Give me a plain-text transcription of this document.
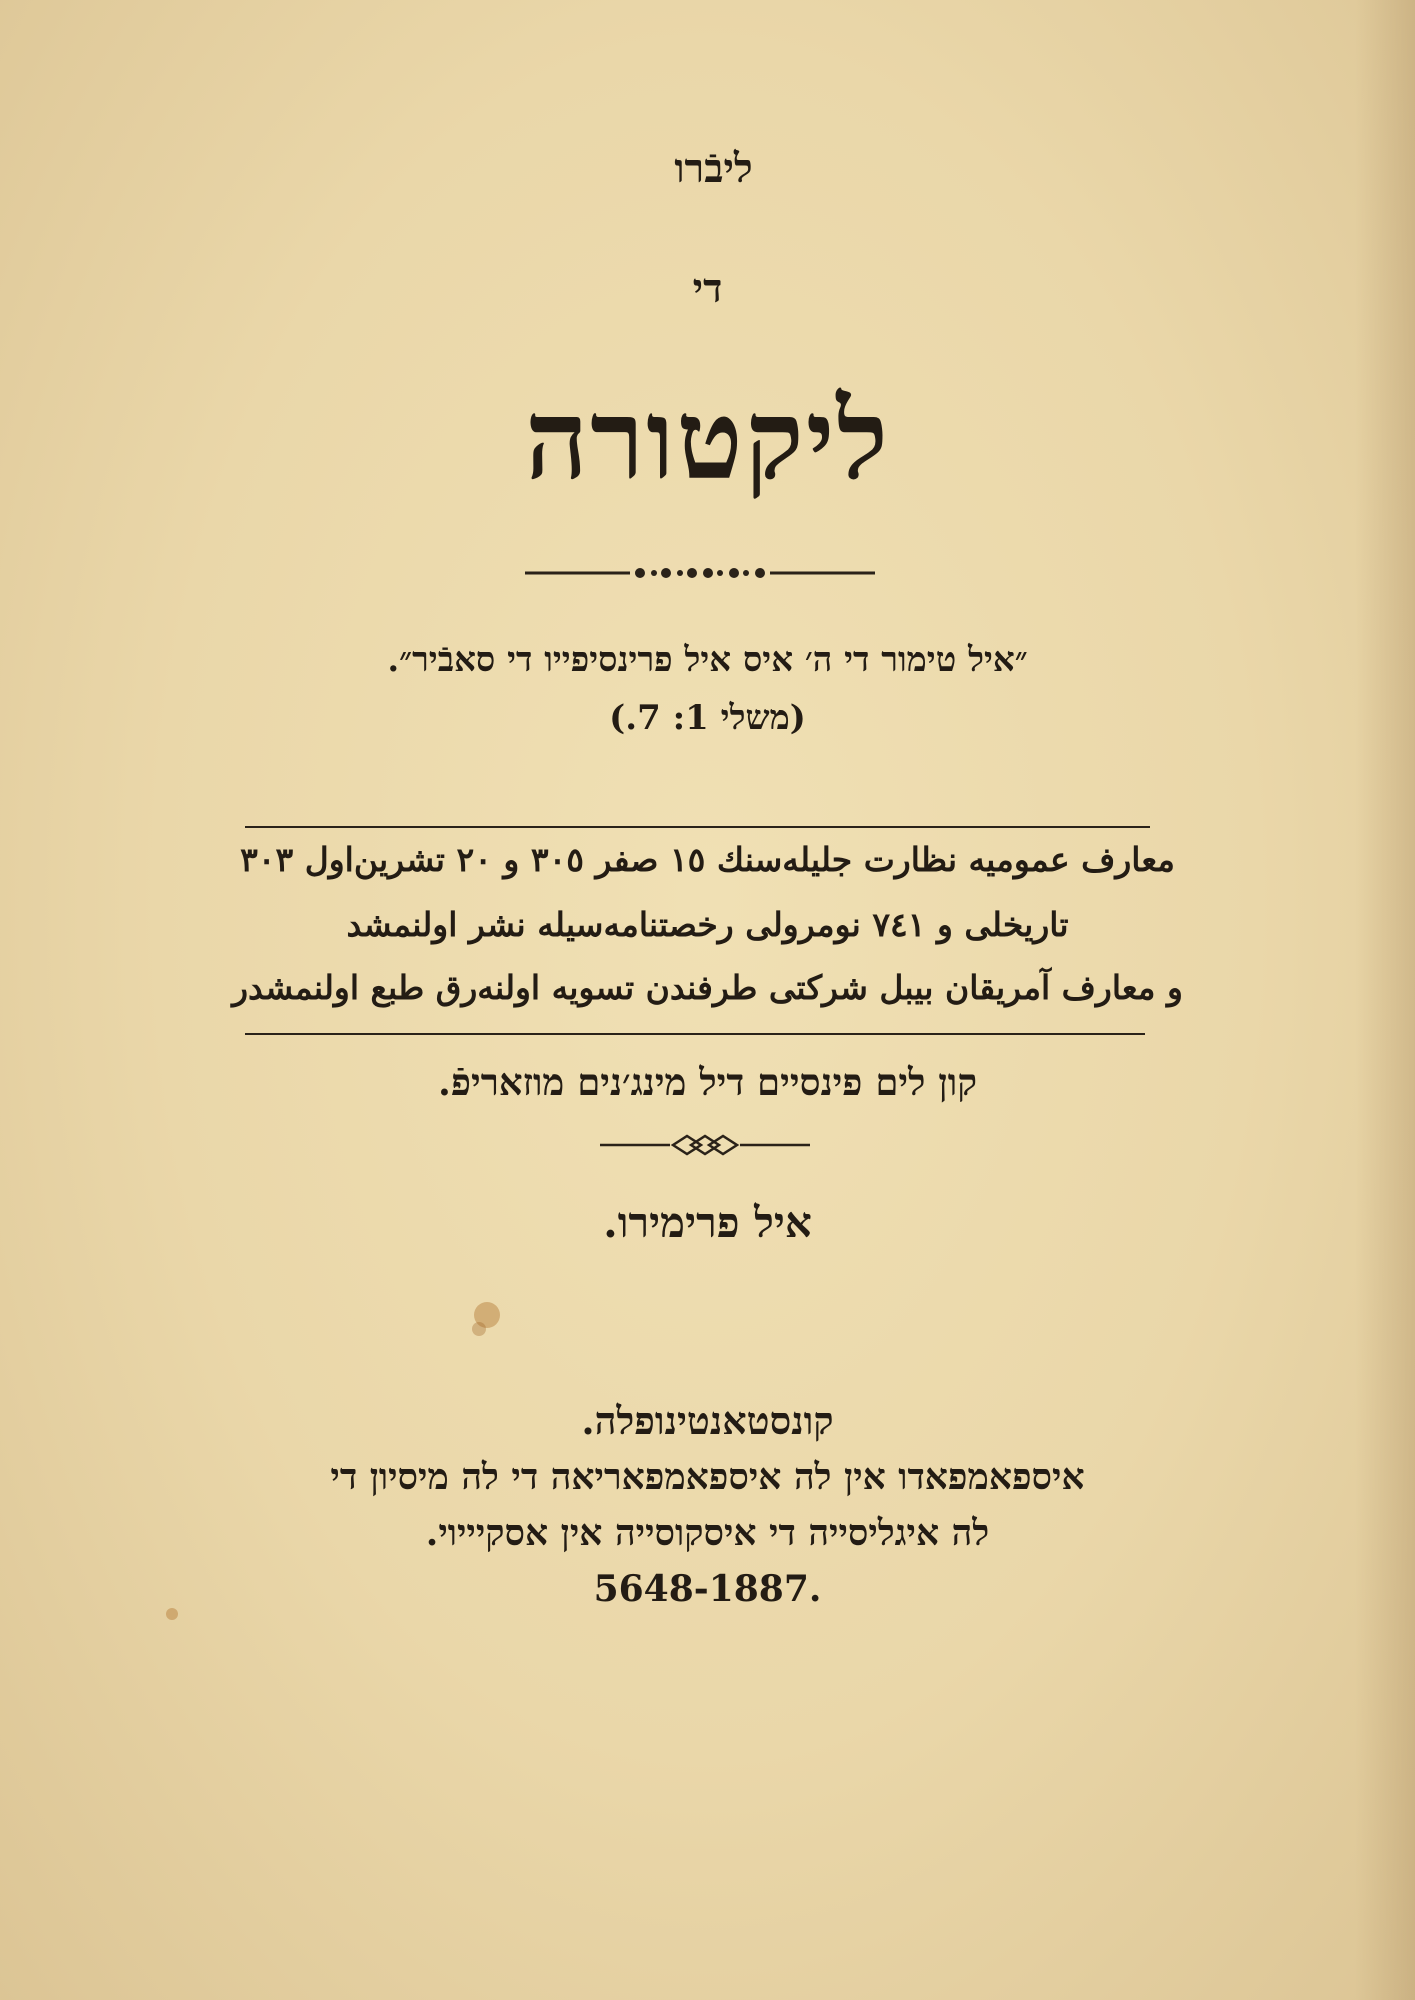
ליבֿרו
די
ליקטורה
״איל טימור די ה׳ איס איל פרינסיפייו די סאבֿיר״.
(משלי 1: 7.)
معارف عموميه نظارت جليله‌سنك ١٥ صفر ٣٠٥ و ٢٠ تشرين‌اول ٣٠٣
تاريخلى و ٧٤١ نومرولى رخصتنامه‌سيله نشر اولنمشد
و معارف آمريقان بيبل شركتى طرفندن تسويه اولنه‌رق طبع اولنمشدر
קון לים פינסיים דיל מינג׳נים מוזאריפֿ.
איל פרימירו.
קונסטאנטינופלה.
איספאמפאדו אין לה איספאמפאריאה די לה מיסיון די
לה איגליסייה די איסקוסייה אין אסקיייוי.
5648-1887.
